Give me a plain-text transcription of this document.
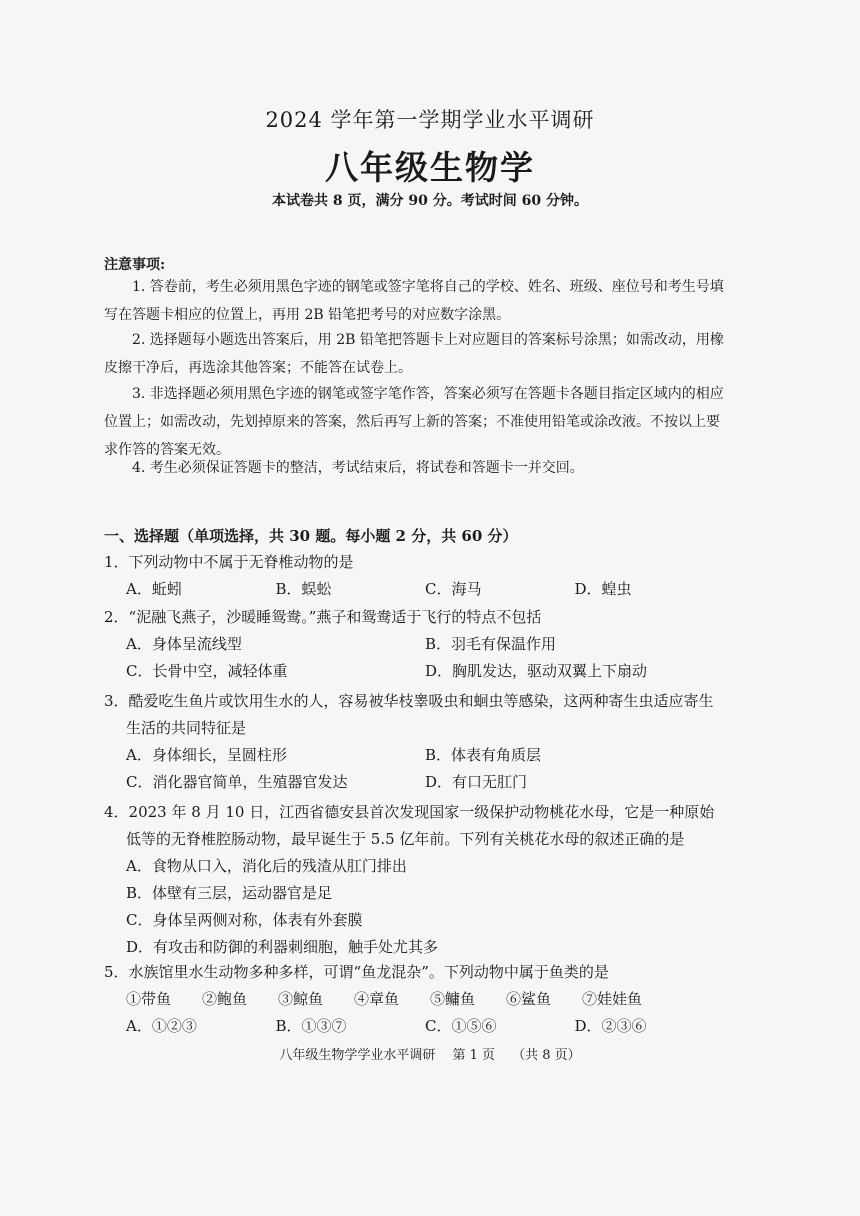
2024 学年第一学期学业水平调研
八年级生物学
本试卷共 8 页，满分 90 分。考试时间 60 分钟。
注意事项:
1. 答卷前，考生必须用黑色字迹的钢笔或签字笔将自己的学校、姓名、班级、座位号和考生号填写在答题卡相应的位置上，再用 2B 铅笔把考号的对应数字涂黑。
2. 选择题每小题选出答案后，用 2B 铅笔把答题卡上对应题目的答案标号涂黑；如需改动，用橡皮擦干净后，再选涂其他答案；不能答在试卷上。
3. 非选择题必须用黑色字迹的钢笔或签字笔作答，答案必须写在答题卡各题目指定区域内的相应位置上；如需改动，先划掉原来的答案，然后再写上新的答案；不准使用铅笔或涂改液。不按以上要求作答的答案无效。
4. 考生必须保证答题卡的整洁，考试结束后，将试卷和答题卡一并交回。
一、选择题（单项选择，共 30 题。每小题 2 分，共 60 分）
1．下列动物中不属于无脊椎动物的是
A．蚯蚓	B．蜈蚣	C．海马	D．蝗虫
2．“泥融飞燕子，沙暖睡鸳鸯。”燕子和鸳鸯适于飞行的特点不包括
A．身体呈流线型	B．羽毛有保温作用
C．长骨中空，减轻体重	D．胸肌发达，驱动双翼上下扇动
3．酷爱吃生鱼片或饮用生水的人，容易被华枝睾吸虫和蛔虫等感染，这两种寄生虫适应寄生生活的共同特征是
A．身体细长，呈圆柱形	B．体表有角质层
C．消化器官简单，生殖器官发达	D．有口无肛门
4．2023 年 8 月 10 日，江西省德安县首次发现国家一级保护动物桃花水母，它是一种原始低等的无脊椎腔肠动物，最早诞生于 5.5 亿年前。下列有关桃花水母的叙述正确的是
A．食物从口入，消化后的残渣从肛门排出
B．体壁有三层，运动器官是足
C．身体呈两侧对称，体表有外套膜
D．有攻击和防御的利器刺细胞，触手处尤其多
5．水族馆里水生动物多种多样，可谓“鱼龙混杂”。下列动物中属于鱼类的是
①带鱼	②鲍鱼	③鲸鱼	④章鱼	⑤鳙鱼	⑥鲨鱼	⑦娃娃鱼
A．①②③	B．①③⑦	C．①⑤⑥	D．②③⑥
八年级生物学学业水平调研　 第 1 页　 （共 8 页）
